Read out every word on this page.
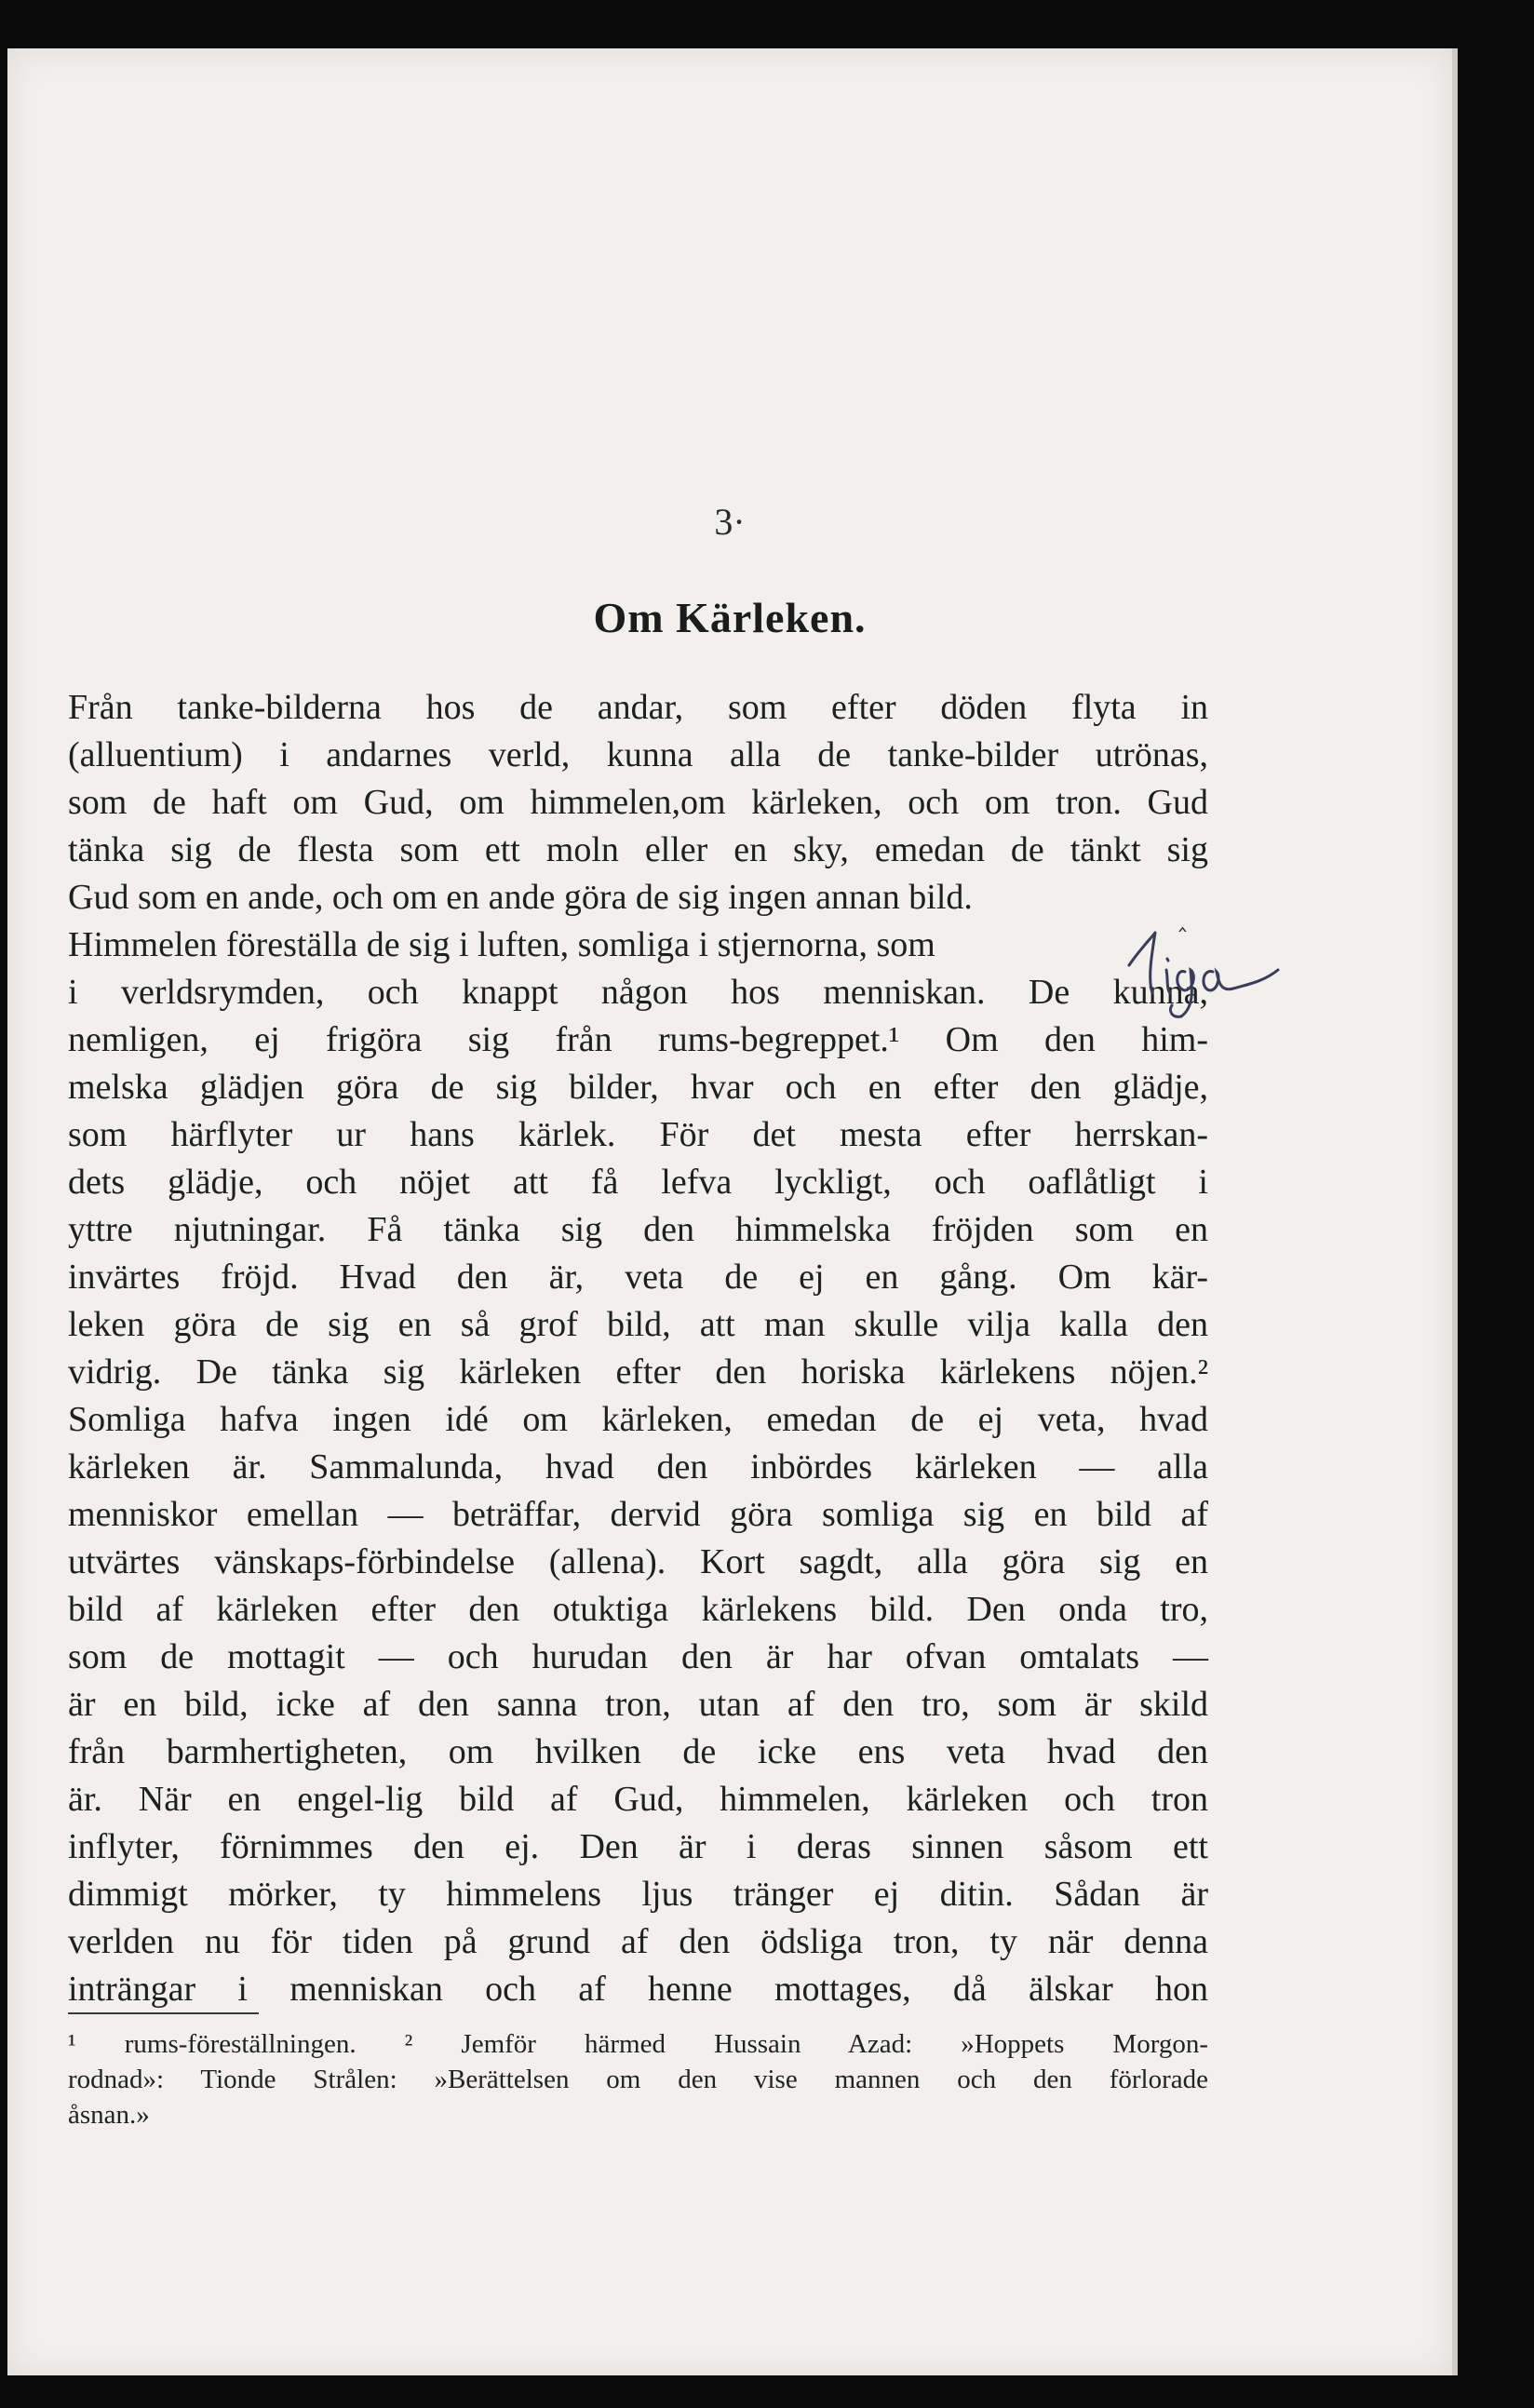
3·
Om Kärleken.
Från tanke-bilderna hos de andar, som efter döden flyta in
(alluentium) i andarnes verld, kunna alla de tanke-bilder utrönas,
som de haft om Gud, om himmelen,om kärleken, och om tron. Gud
tänka sig de flesta som ett moln eller en sky, emedan de tänkt sig
Gud som en ande, och om en ande göra de sig ingen annan bild.
Himmelen föreställa de sig i luften, somliga i stjernorna, som
i verldsrymden, och knappt någon hos menniskan. De kunna,
nemligen, ej frigöra sig från rums-begreppet.¹ Om den him-
melska glädjen göra de sig bilder, hvar och en efter den glädje,
som härflyter ur hans kärlek. För det mesta efter herrskan-
dets glädje, och nöjet att få lefva lyckligt, och oaflåtligt i
yttre njutningar. Få tänka sig den himmelska fröjden som en
invärtes fröjd. Hvad den är, veta de ej en gång. Om kär-
leken göra de sig en så grof bild, att man skulle vilja kalla den
vidrig. De tänka sig kärleken efter den horiska kärlekens nöjen.²
Somliga hafva ingen idé om kärleken, emedan de ej veta, hvad
kärleken är. Sammalunda, hvad den inbördes kärleken — alla
menniskor emellan — beträffar, dervid göra somliga sig en bild af
utvärtes vänskaps-förbindelse (allena). Kort sagdt, alla göra sig en
bild af kärleken efter den otuktiga kärlekens bild. Den onda tro,
som de mottagit — och hurudan den är har ofvan omtalats —
är en bild, icke af den sanna tron, utan af den tro, som är skild
från barmhertigheten, om hvilken de icke ens veta hvad den
är. När en engel-lig bild af Gud, himmelen, kärleken och tron
inflyter, förnimmes den ej. Den är i deras sinnen såsom ett
dimmigt mörker, ty himmelens ljus tränger ej ditin. Sådan är
verlden nu för tiden på grund af den ödsliga tron, ty när denna
inträngar i menniskan och af henne mottages, då älskar hon
‸
¹ rums-föreställningen. ² Jemför härmed Hussain Azad: »Hoppets Morgon-
rodnad»: Tionde Strålen: »Berättelsen om den vise mannen och den förlorade
åsnan.»
